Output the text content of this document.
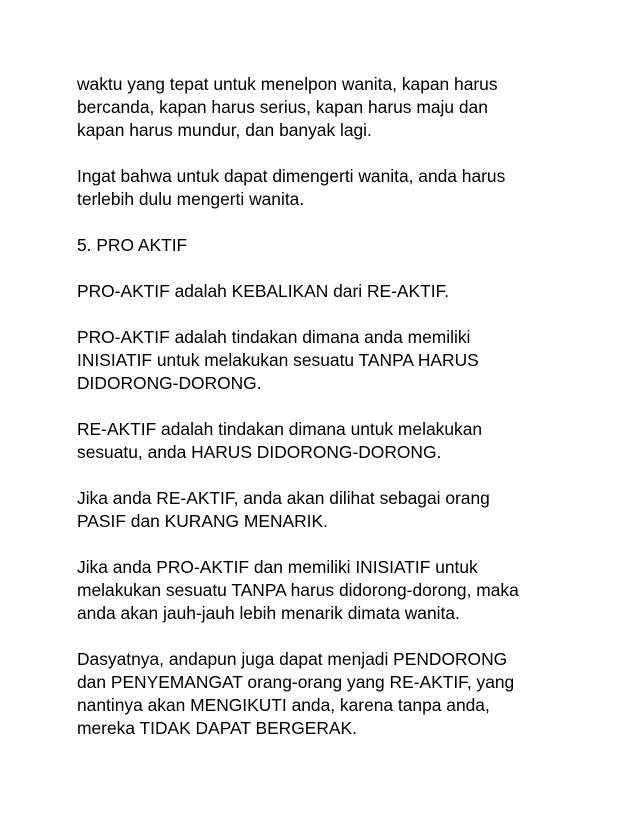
waktu yang tepat untuk menelpon wanita, kapan harus
bercanda, kapan harus serius, kapan harus maju dan
kapan harus mundur, dan banyak lagi.

Ingat bahwa untuk dapat dimengerti wanita, anda harus
terlebih dulu mengerti wanita.

5. PRO AKTIF

PRO-AKTIF adalah KEBALIKAN dari RE-AKTIF.

PRO-AKTIF adalah tindakan dimana anda memiliki
INISIATIF untuk melakukan sesuatu TANPA HARUS
DIDORONG-DORONG.

RE-AKTIF adalah tindakan dimana untuk melakukan
sesuatu, anda HARUS DIDORONG-DORONG.

Jika anda RE-AKTIF, anda akan dilihat sebagai orang
PASIF dan KURANG MENARIK.

Jika anda PRO-AKTIF dan memiliki INISIATIF untuk
melakukan sesuatu TANPA harus didorong-dorong, maka
anda akan jauh-jauh lebih menarik dimata wanita.

Dasyatnya, andapun juga dapat menjadi PENDORONG
dan PENYEMANGAT orang-orang yang RE-AKTIF, yang
nantinya akan MENGIKUTI anda, karena tanpa anda,
mereka TIDAK DAPAT BERGERAK.
